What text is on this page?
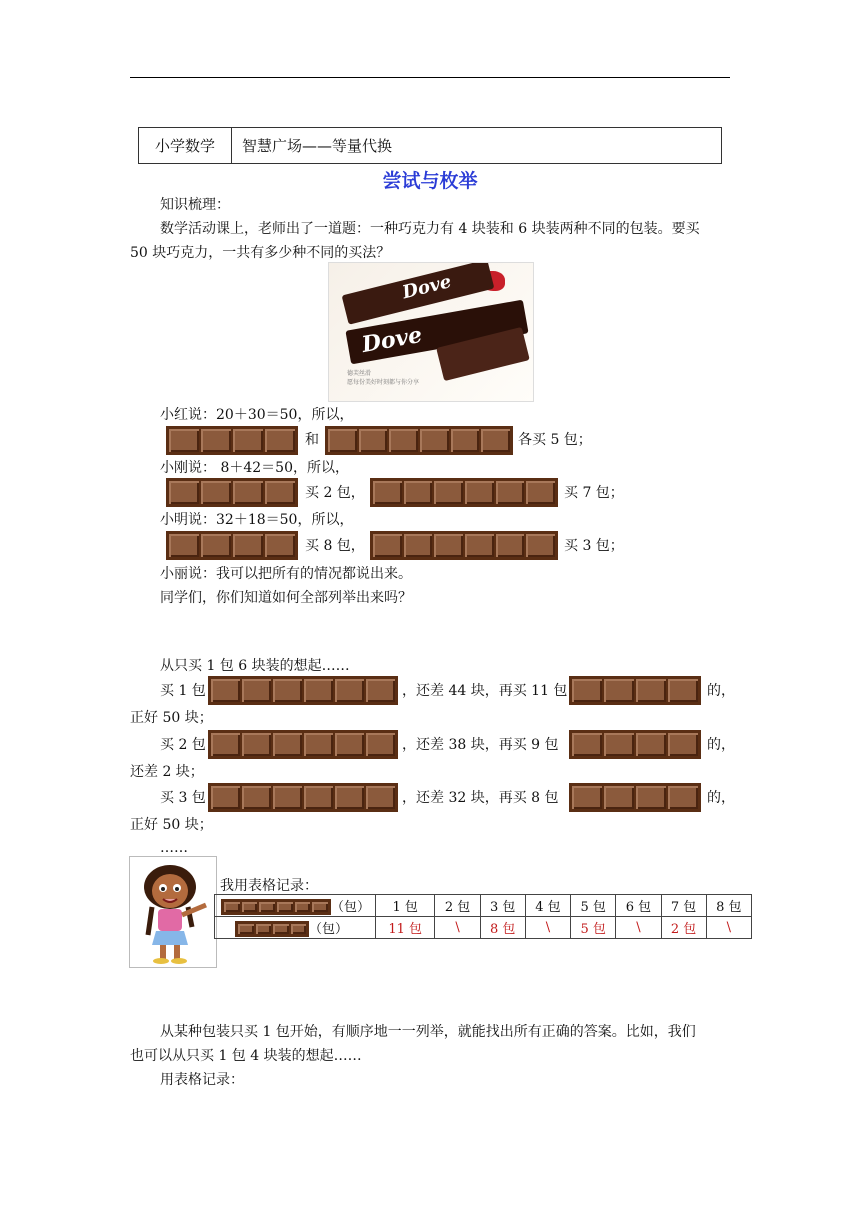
小学数学	智慧广场——等量代换
尝试与枚举
知识梳理：
数学活动课上，老师出了一道题：一种巧克力有 4 块装和 6 块装两种不同的包装。要买
50 块巧克力，一共有多少种不同的买法？
Dove
Dove
德芙丝滑
愿每份美好时刻都与你分享
小红说：20＋30＝50，所以，
和	各买 5 包；
小刚说： 8＋42＝50，所以，
买 2 包，	买 7 包；
小明说：32＋18＝50，所以，
买 8 包，	买 3 包；
小丽说：我可以把所有的情况都说出来。
同学们，你们知道如何全部列举出来吗？
从只买 1 包 6 块装的想起……
买 1 包	，还差 44 块，再买 11 包	的，
正好 50 块；
买 2 包	，还差 38 块，再买 9 包	的，
还差 2 块；
买 3 包	，还差 32 块，再买 8 包	的，
正好 50 块；
……
我用表格记录：
（包）	1 包	2 包	3 包	4 包	5 包	6 包	7 包	8 包

（包）	11 包	\	8 包	\	5 包	\	2 包	\
从某种包装只买 1 包开始，有顺序地一一列举，就能找出所有正确的答案。比如，我们
也可以从只买 1 包 4 块装的想起……
用表格记录：
